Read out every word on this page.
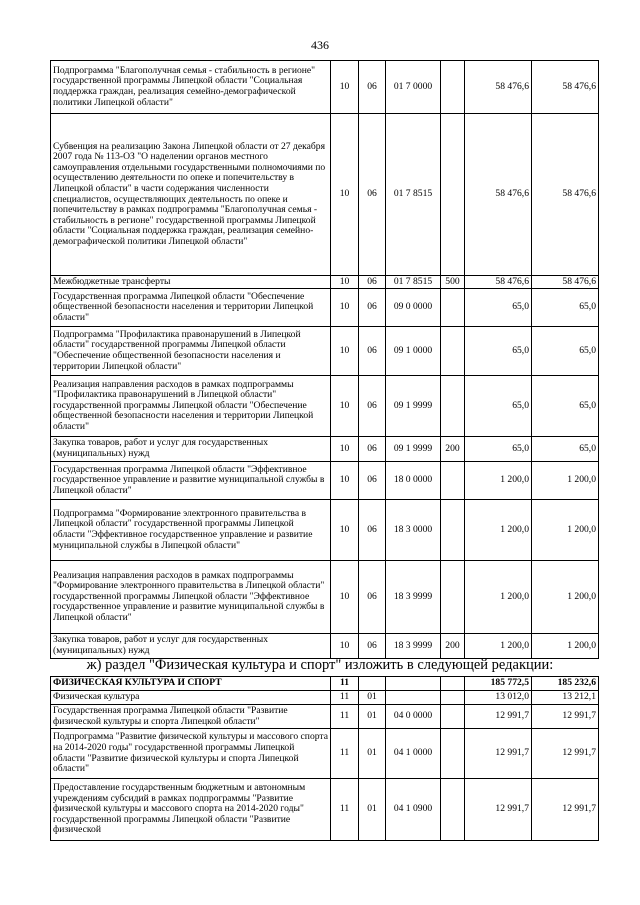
436
Подпрограмма "Благополучная семья - стабильность в регионе" государственной программы Липецкой области "Социальная поддержка граждан, реализация семейно-демографической политики Липецкой области"	10	06	01 7 0000		58 476,6	58 476,6
Субвенция на реализацию Закона Липецкой области от 27 декабря 2007 года № 113-ОЗ "О наделении органов местного самоуправления отдельными государственными полномочиями по осуществлению деятельности по опеке и попечительству в Липецкой области" в части содержания численности специалистов, осуществляющих деятельность по опеке и попечительству в рамках подпрограммы "Благополучная семья - стабильность в регионе" государственной программы Липецкой области "Социальная поддержка граждан, реализация семейно-демографической политики Липецкой области"	10	06	01 7 8515		58 476,6	58 476,6
Межбюджетные трансферты	10	06	01 7 8515	500	58 476,6	58 476,6
Государственная программа Липецкой области "Обеспечение общественной безопасности населения и территории Липецкой области"	10	06	09 0 0000		65,0	65,0
Подпрограмма "Профилактика правонарушений в Липецкой области" государственной программы Липецкой области "Обеспечение общественной безопасности населения и территории Липецкой области"	10	06	09 1 0000		65,0	65,0
Реализация направления расходов в рамках подпрограммы "Профилактика правонарушений в Липецкой области" государственной программы Липецкой области "Обеспечение общественной безопасности населения и территории Липецкой области"	10	06	09 1 9999		65,0	65,0
Закупка товаров, работ и услуг для государственных (муниципальных) нужд	10	06	09 1 9999	200	65,0	65,0
Государственная программа Липецкой области "Эффективное государственное управление и развитие муниципальной службы в Липецкой области"	10	06	18 0 0000		1 200,0	1 200,0
Подпрограмма "Формирование электронного правительства в Липецкой области" государственной программы Липецкой области "Эффективное государственное управление и развитие муниципальной службы в Липецкой области"	10	06	18 3 0000		1 200,0	1 200,0
Реализация направления расходов в рамках подпрограммы "Формирование электронного правительства в Липецкой области" государственной программы Липецкой области "Эффективное государственное управление и развитие муниципальной службы в Липецкой области"	10	06	18 3 9999		1 200,0	1 200,0
Закупка товаров, работ и услуг для государственных (муниципальных) нужд	10	06	18 3 9999	200	1 200,0	1 200,0
ж) раздел "Физическая культура и спорт" изложить в следующей редакции:
ФИЗИЧЕСКАЯ КУЛЬТУРА И СПОРТ	11				185 772,5	185 232,6
Физическая культура	11	01			13 012,0	13 212,1
Государственная программа Липецкой области "Развитие физической культуры и спорта Липецкой области"	11	01	04 0 0000		12 991,7	12 991,7
Подпрограмма "Развитие физической культуры и массового спорта на 2014-2020 годы" государственной программы Липецкой области "Развитие физической культуры и спорта Липецкой области"	11	01	04 1 0000		12 991,7	12 991,7
Предоставление государственным бюджетным и автономным учреждениям субсидий в рамках подпрограммы "Развитие физической культуры и массового спорта на 2014-2020 годы" государственной программы Липецкой области "Развитие физической	11	01	04 1 0900		12 991,7	12 991,7
